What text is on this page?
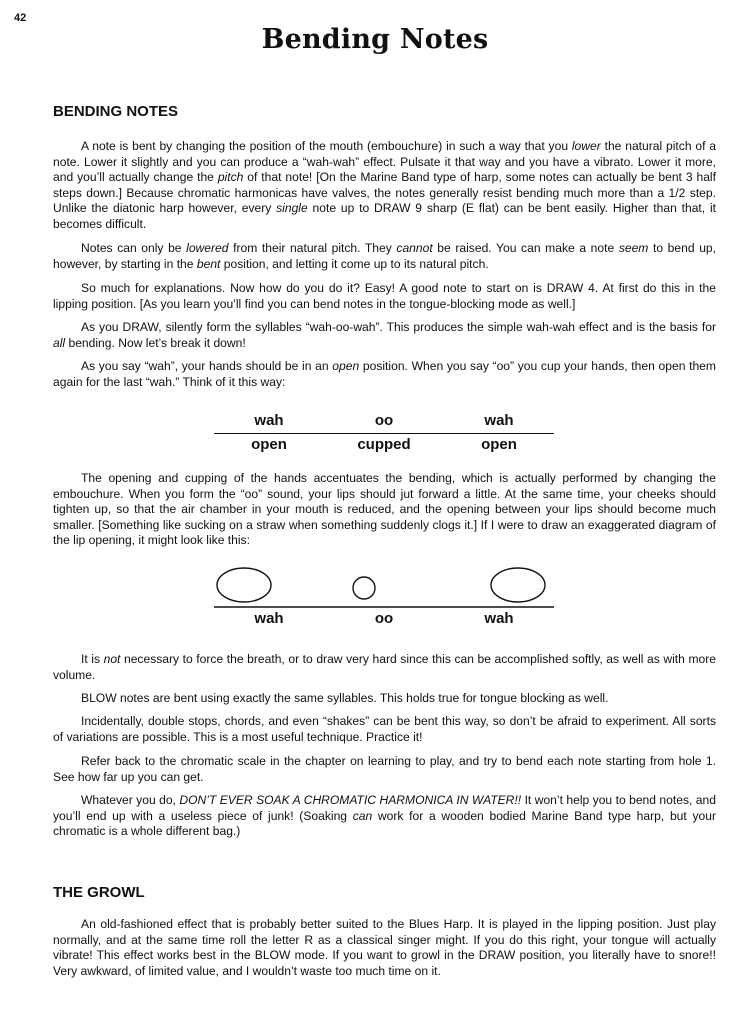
42
Bending Notes
BENDING NOTES

A note is bent by changing the position of the mouth (embouchure) in such a way that you lower the natural pitch of a note. Lower it slightly and you can produce a “wah-wah” effect. Pulsate it that way and you have a vibrato. Lower it more, and you’ll actually change the pitch of that note! [On the Marine Band type of harp, some notes can actually be bent 3 half steps down.] Because chromatic harmonicas have valves, the notes generally resist bending much more than a 1/2 step. Unlike the diatonic harp however, every single note up to DRAW 9 sharp (E flat) can be bent easily. Higher than that, it becomes difficult.

Notes can only be lowered from their natural pitch. They cannot be raised. You can make a note seem to bend up, however, by starting in the bent position, and letting it come up to its natural pitch.

So much for explanations. Now how do you do it? Easy! A good note to start on is DRAW 4. At first do this in the lipping position. [As you learn you’ll find you can bend notes in the tongue-blocking mode as well.]

As you DRAW, silently form the syllables “wah-oo-wah”. This produces the simple wah-wah effect and is the basis for all bending. Now let’s break it down!

As you say “wah”, your hands should be in an open position. When you say “oo” you cup your hands, then open them again for the last “wah.” Think of it this way:

wah	oo	wah
open	cupped	open

The opening and cupping of the hands accentuates the bending, which is actually performed by changing the embouchure. When you form the “oo” sound, your lips should jut forward a little. At the same time, your cheeks should tighten up, so that the air chamber in your mouth is reduced, and the opening between your lips should become much smaller. [Something like sucking on a straw when something suddenly clogs it.] If I were to draw an exaggerated diagram of the lip opening, it might look like this:

wah	oo	wah

It is not necessary to force the breath, or to draw very hard since this can be accomplished softly, as well as with more volume.

BLOW notes are bent using exactly the same syllables. This holds true for tongue blocking as well.

Incidentally, double stops, chords, and even “shakes” can be bent this way, so don’t be afraid to experiment. All sorts of variations are possible. This is a most useful technique. Practice it!

Refer back to the chromatic scale in the chapter on learning to play, and try to bend each note starting from hole 1. See how far up you can get.

Whatever you do, DON’T EVER SOAK A CHROMATIC HARMONICA IN WATER!! It won’t help you to bend notes, and you’ll end up with a useless piece of junk! (Soaking can work for a wooden bodied Marine Band type harp, but your chromatic is a whole different bag.)

THE GROWL

An old-fashioned effect that is probably better suited to the Blues Harp. It is played in the lipping position. Just play normally, and at the same time roll the letter R as a classical singer might. If you do this right, your tongue will actually vibrate! This effect works best in the BLOW mode. If you want to growl in the DRAW position, you literally have to snore!! Very awkward, of limited value, and I wouldn’t waste too much time on it.
